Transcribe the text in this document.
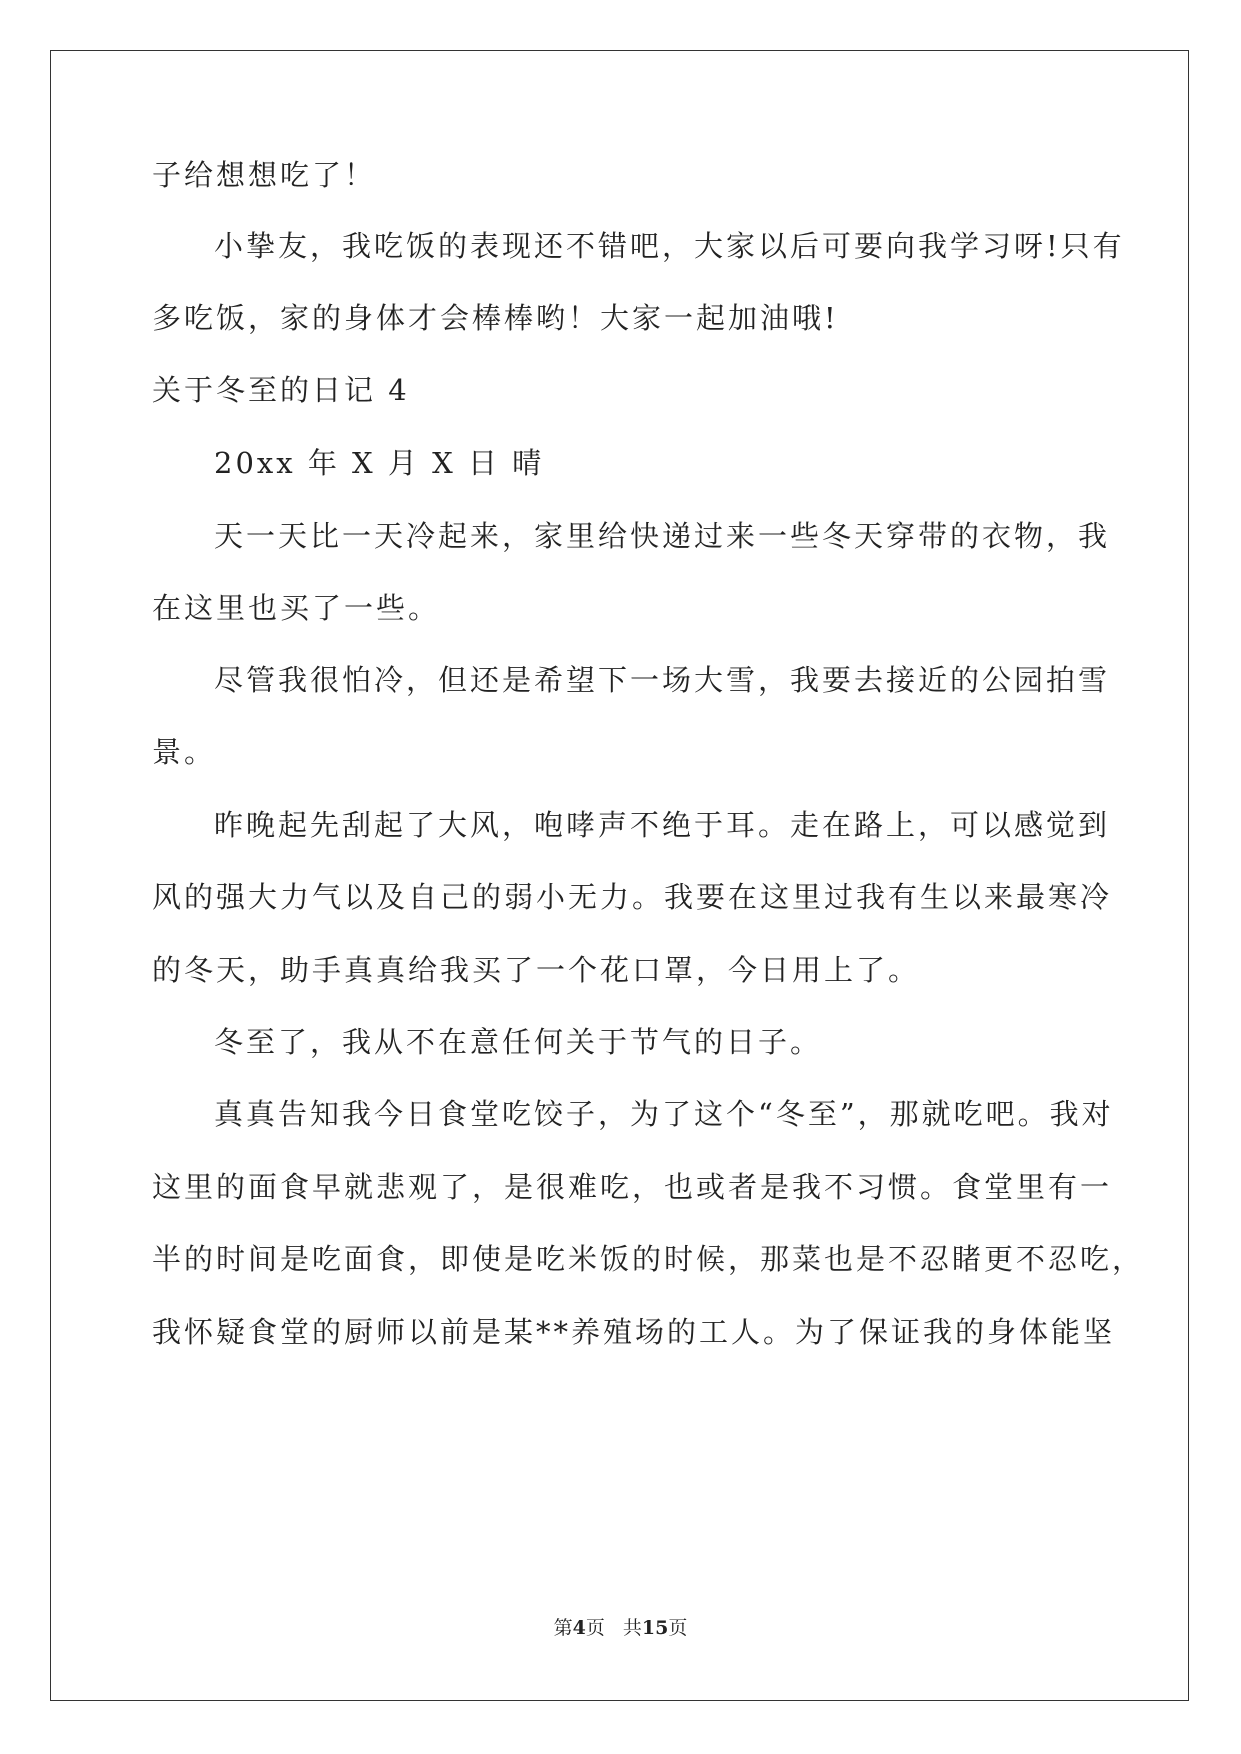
子给想想吃了！
小挚友，我吃饭的表现还不错吧，大家以后可要向我学习呀!只有
多吃饭，家的身体才会棒棒哟！大家一起加油哦!
关于冬至的日记 4
20xx 年 X 月 X 日 晴
天一天比一天冷起来，家里给快递过来一些冬天穿带的衣物，我
在这里也买了一些。
尽管我很怕冷，但还是希望下一场大雪，我要去接近的公园拍雪
景。
昨晚起先刮起了大风，咆哮声不绝于耳。走在路上，可以感觉到
风的强大力气以及自己的弱小无力。我要在这里过我有生以来最寒冷
的冬天，助手真真给我买了一个花口罩，今日用上了。
冬至了，我从不在意任何关于节气的日子。
真真告知我今日食堂吃饺子，为了这个“冬至”，那就吃吧。我对
这里的面食早就悲观了，是很难吃，也或者是我不习惯。食堂里有一
半的时间是吃面食，即使是吃米饭的时候，那菜也是不忍睹更不忍吃，
我怀疑食堂的厨师以前是某**养殖场的工人。为了保证我的身体能坚
第4页 共15页
